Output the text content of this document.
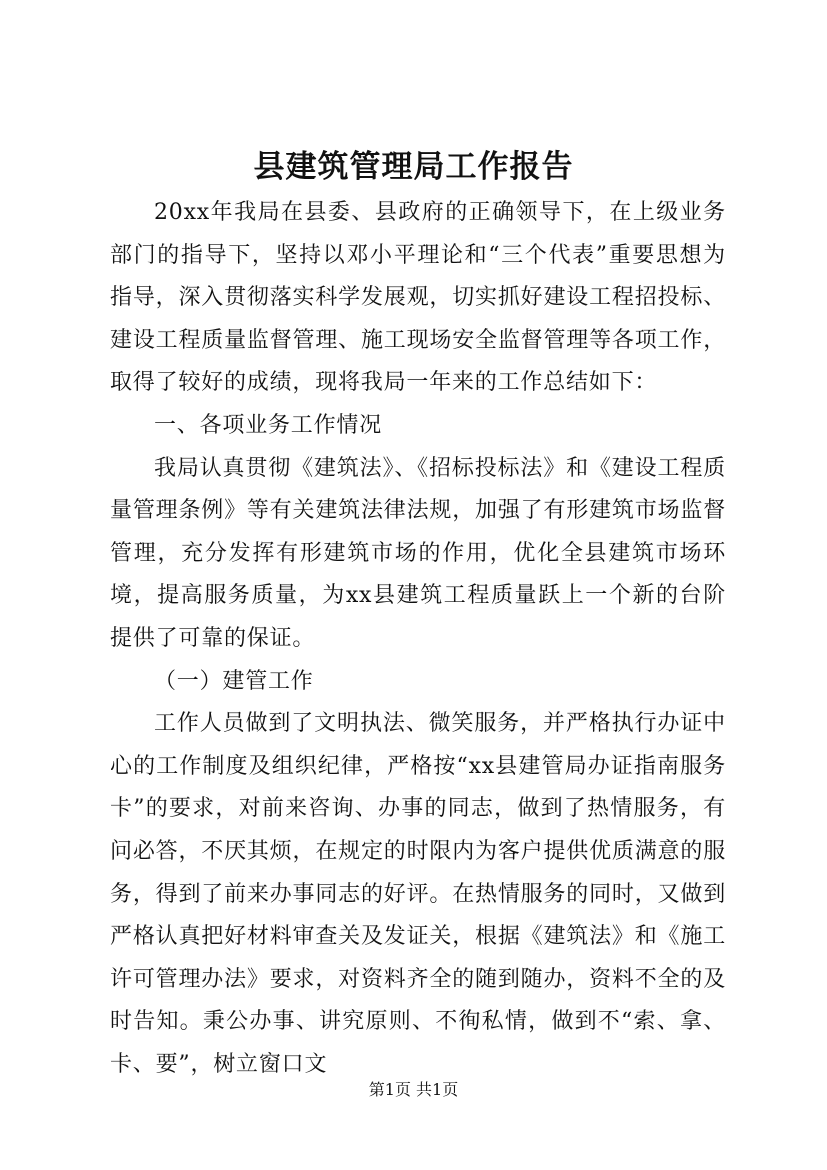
县建筑管理局工作报告

20xx年我局在县委、县政府的正确领导下，在上级业务部门的指导下，坚持以邓小平理论和“三个代表”重要思想为指导，深入贯彻落实科学发展观，切实抓好建设工程招投标、建设工程质量监督管理、施工现场安全监督管理等各项工作，取得了较好的成绩，现将我局一年来的工作总结如下：

一、各项业务工作情况

我局认真贯彻《建筑法》、《招标投标法》和《建设工程质量管理条例》等有关建筑法律法规，加强了有形建筑市场监督管理，充分发挥有形建筑市场的作用，优化全县建筑市场环境，提高服务质量，为xx县建筑工程质量跃上一个新的台阶提供了可靠的保证。

（一）建管工作

工作人员做到了文明执法、微笑服务，并严格执行办证中心的工作制度及组织纪律，严格按“xx县建管局办证指南服务卡”的要求，对前来咨询、办事的同志，做到了热情服务，有问必答，不厌其烦，在规定的时限内为客户提供优质满意的服务，得到了前来办事同志的好评。在热情服务的同时，又做到严格认真把好材料审查关及发证关，根据《建筑法》和《施工许可管理办法》要求，对资料齐全的随到随办，资料不全的及时告知。秉公办事、讲究原则、不徇私情，做到不“索、拿、卡、要”，树立窗口文

第1页 共1页
